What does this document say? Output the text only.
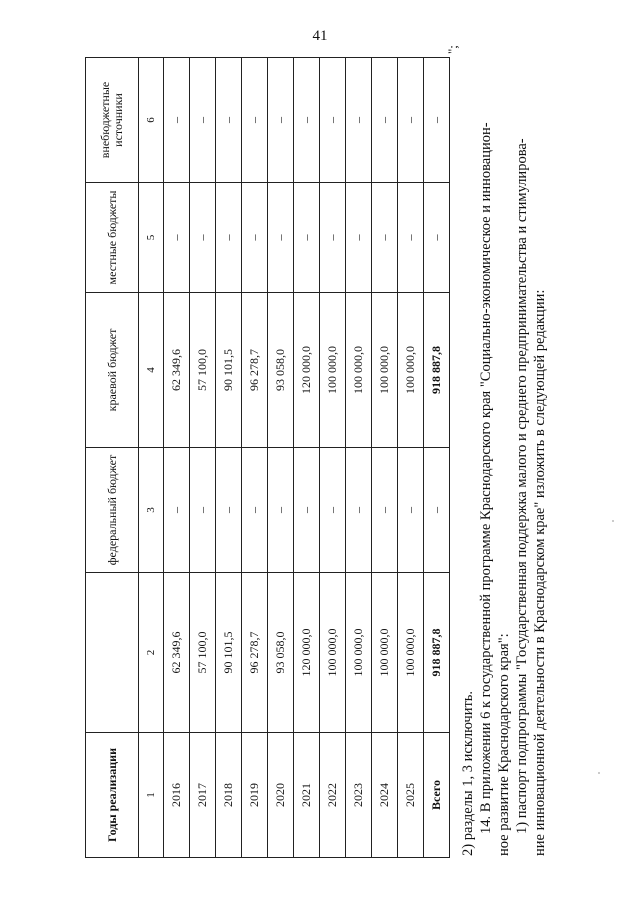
41
Годы реализации		федеральный бюджет	краевой бюджет	местные бюджеты	внебюджетные источники
1	2	3	4	5	6
2016	62 349,6	–	62 349,6	–	–
2017	57 100,0	–	57 100,0	–	–
2018	90 101,5	–	90 101,5	–	–
2019	96 278,7	–	96 278,7	–	–
2020	93 058,0	–	93 058,0	–	–
2021	120 000,0	–	120 000,0	–	–
2022	100 000,0	–	100 000,0	–	–
2023	100 000,0	–	100 000,0	–	–
2024	100 000,0	–	100 000,0	–	–
2025	100 000,0	–	100 000,0	–	–
Всего	918 887,8	–	918 887,8	–	–
";
2) разделы 1, 3 исключить. 14. В приложении 6 к государственной программе Краснодарского края "Социально-экономическое и инновацион- ное развитие Краснодарского края": 1) паспорт подпрограммы "Государственная поддержка малого и среднего предпринимательства и стимулирова- ние инновационной деятельности в Краснодарском крае" изложить в следующей редакции:
